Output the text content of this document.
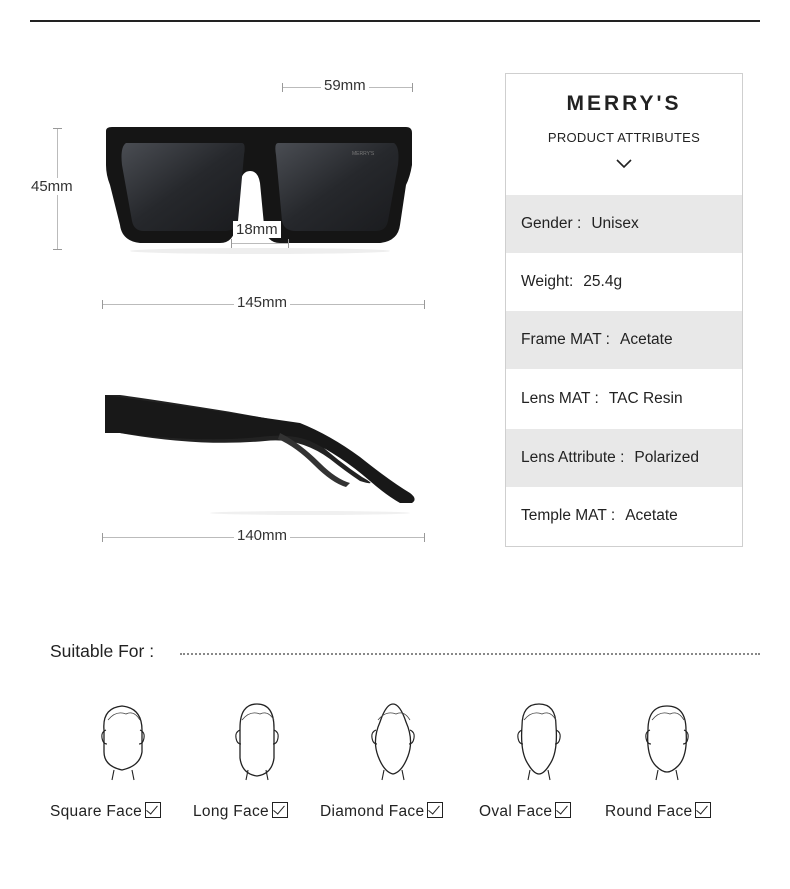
MERRY'S
59mm
45mm
18mm
145mm
140mm
MERRY'S
PRODUCT ATTRIBUTES
Gender : Unisex
Weight: 25.4g
Frame MAT : Acetate
Lens MAT : TAC Resin
Lens Attribute : Polarized
Temple MAT : Acetate
Suitable For :
Square Face	Long Face	Diamond Face	Oval Face	Round Face
